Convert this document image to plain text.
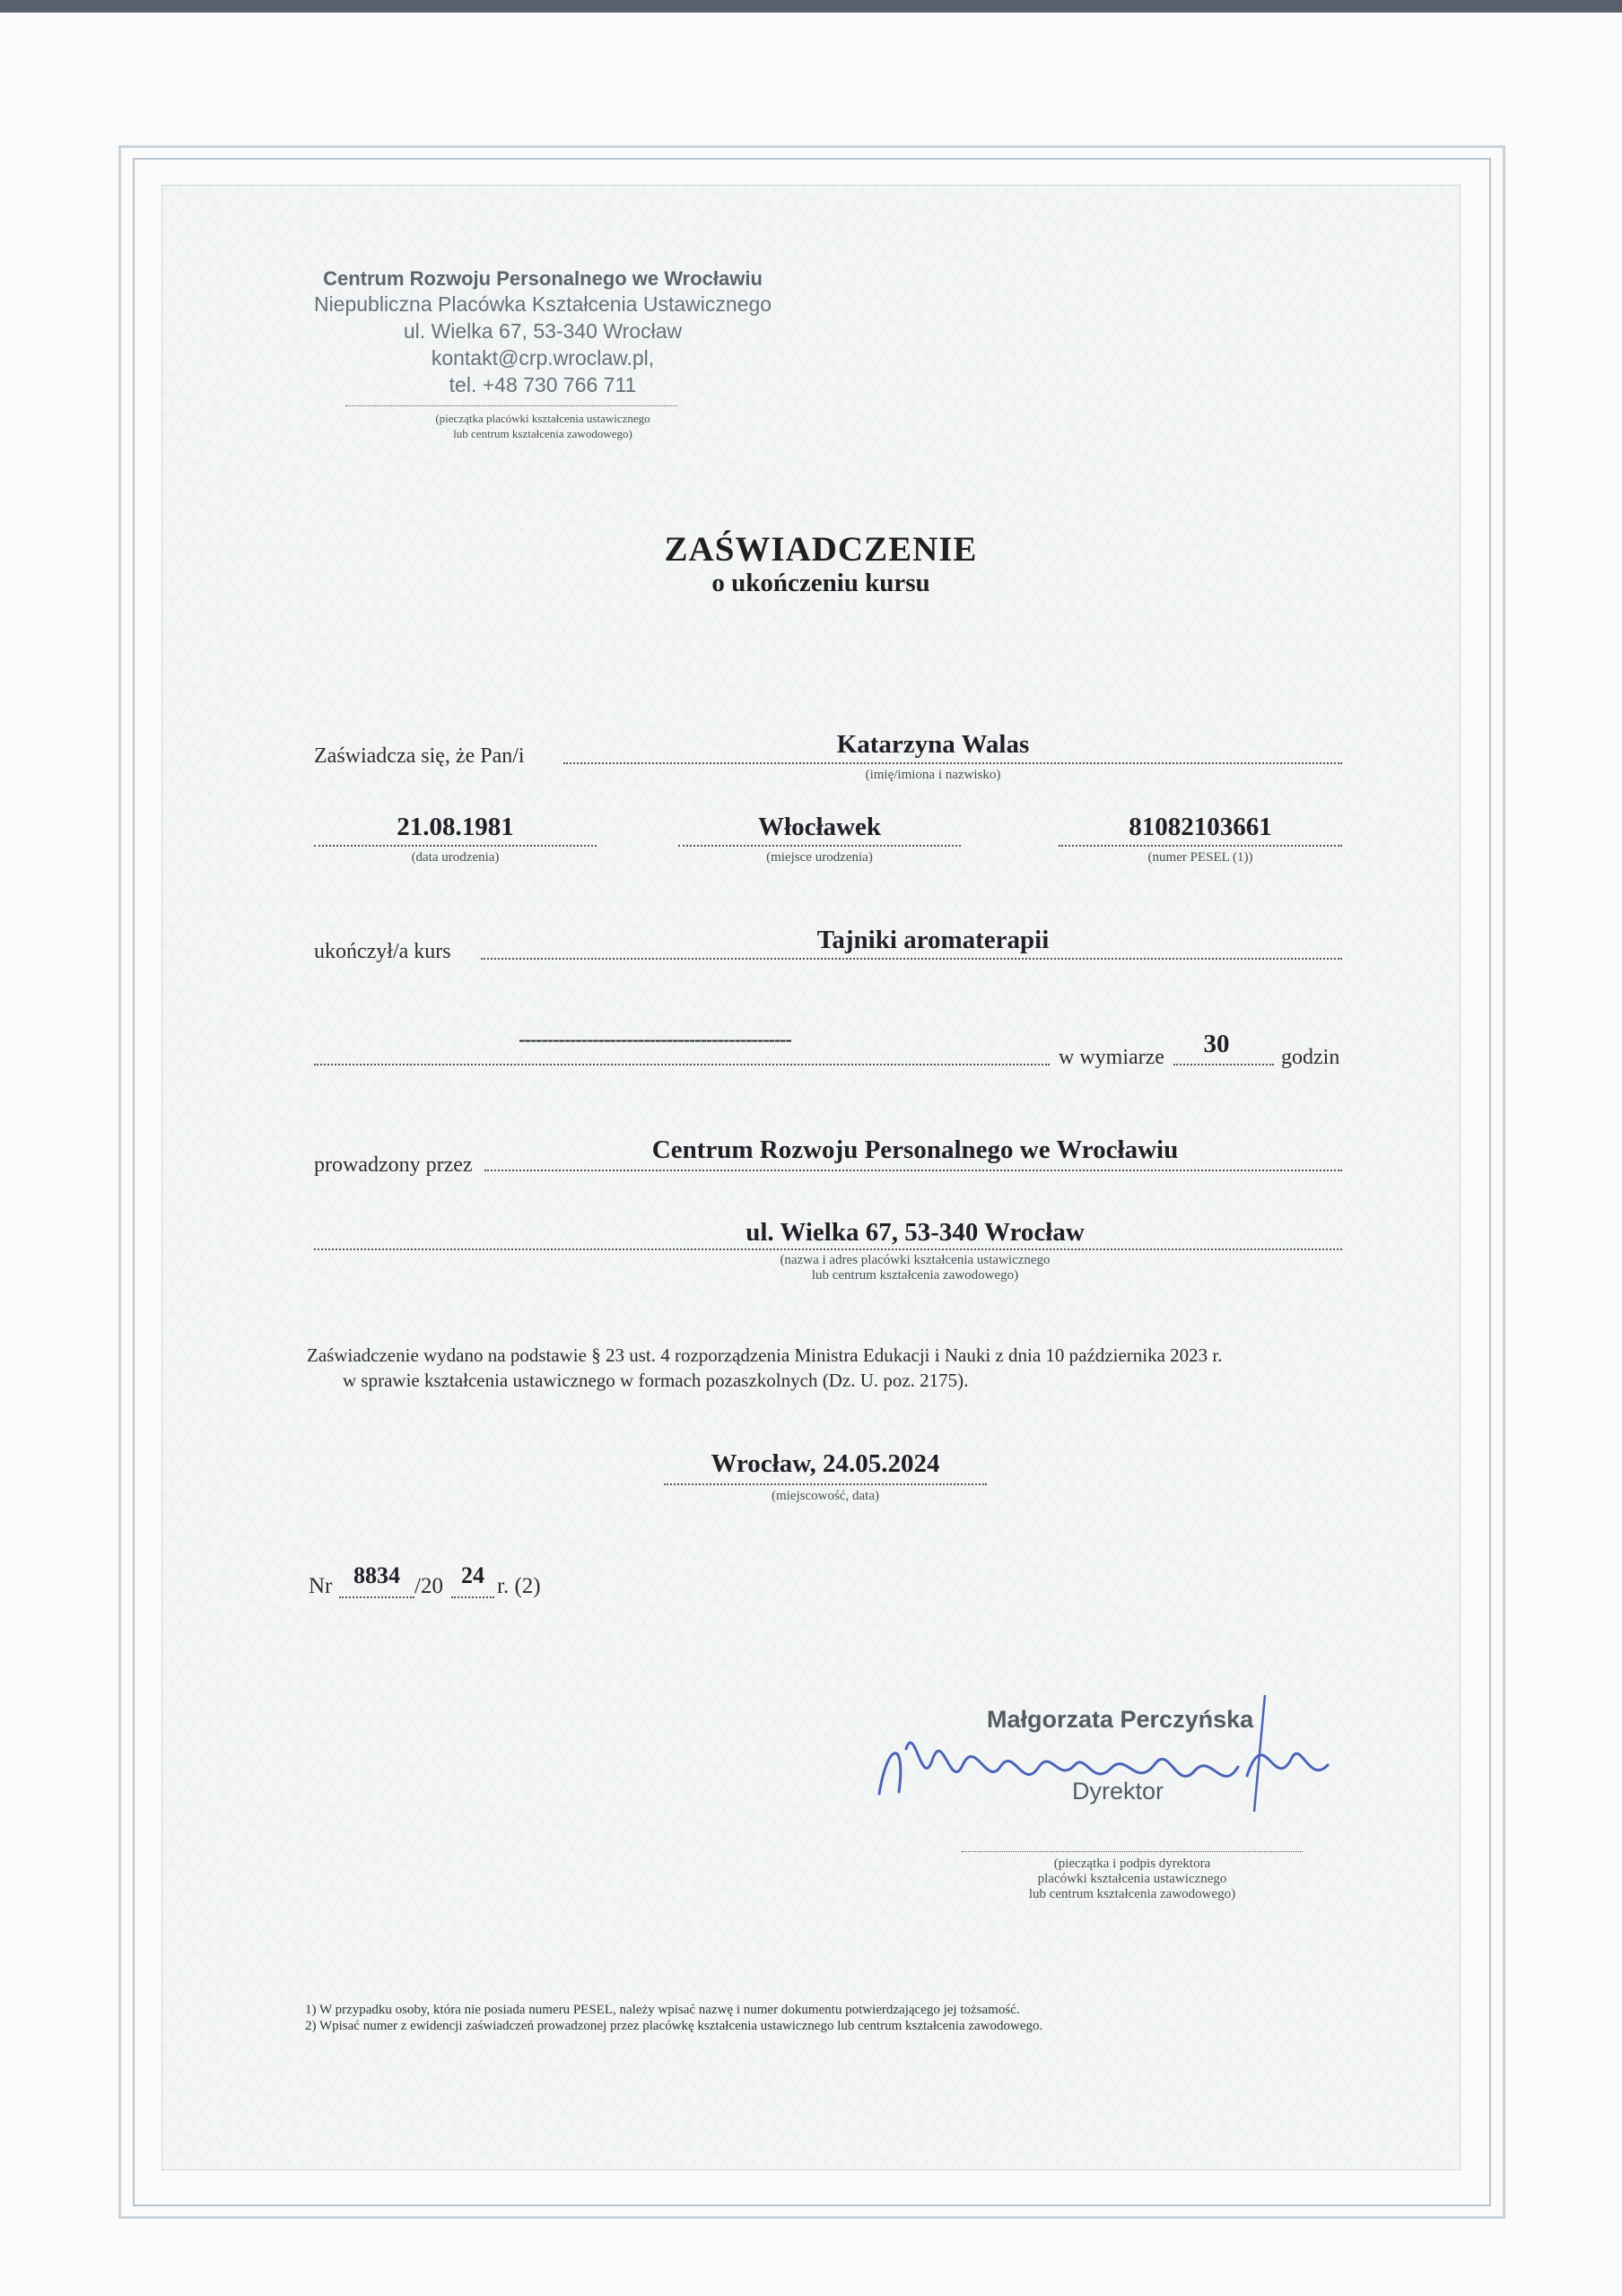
Centrum Rozwoju Personalnego we Wrocławiu
Niepubliczna Placówka Kształcenia Ustawicznego
ul. Wielka 67, 53-340 Wrocław
kontakt@crp.wroclaw.pl,
tel. +48 730 766 711
(pieczątka placówki kształcenia ustawicznego
lub centrum kształcenia zawodowego)
ZAŚWIADCZENIE
o ukończeniu kursu
Zaświadcza się, że Pan/i	Katarzyna Walas
(imię/imiona i nazwisko)
21.08.1981
(data urodzenia)
Włocławek
(miejsce urodzenia)
81082103661
(numer PESEL (1))
ukończył/a kurs	Tajniki aromaterapii
------------------------------------------------
w wymiarze	30	godzin
prowadzony przez
Centrum Rozwoju Personalnego we Wrocławiu
ul. Wielka 67, 53-340 Wrocław
(nazwa i adres placówki kształcenia ustawicznego
lub centrum kształcenia zawodowego)
Zaświadczenie wydano na podstawie § 23 ust. 4 rozporządzenia Ministra Edukacji i Nauki z dnia 10 października 2023 r.
w sprawie kształcenia ustawicznego w formach pozaszkolnych (Dz. U. poz. 2175).
Wrocław, 24.05.2024
(miejscowość, data)
Nr 8834 /20 24 r. (2)
Małgorzata Perczyńska
Dyrektor
(pieczątka i podpis dyrektora
placówki kształcenia ustawicznego
lub centrum kształcenia zawodowego)
1) W przypadku osoby, która nie posiada numeru PESEL, należy wpisać nazwę i numer dokumentu potwierdzającego jej tożsamość.
2) Wpisać numer z ewidencji zaświadczeń prowadzonej przez placówkę kształcenia ustawicznego lub centrum kształcenia zawodowego.
